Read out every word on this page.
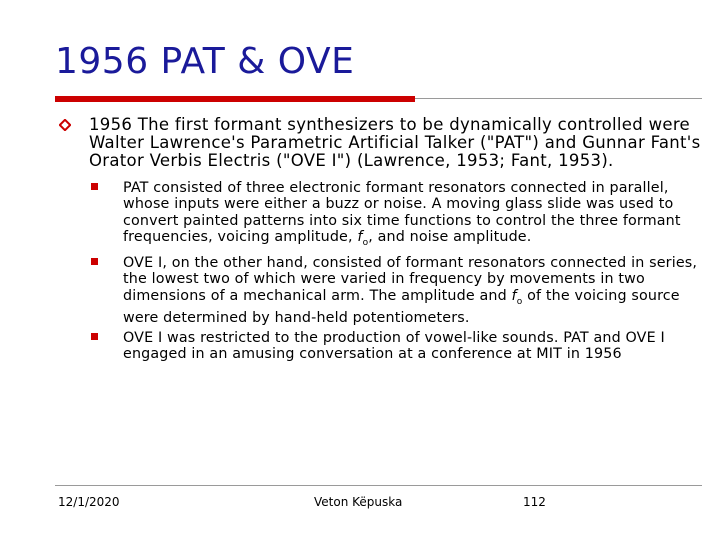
1956 PAT & OVE
1956 The first formant synthesizers to be dynamically controlled were Walter Lawrence's Parametric Artificial Talker ("PAT") and Gunnar Fant's Orator Verbis Electris ("OVE I") (Lawrence, 1953; Fant, 1953).
PAT consisted of three electronic formant resonators connected in parallel, whose inputs were either a buzz or noise. A moving glass slide was used to convert painted patterns into six time functions to control the three formant frequencies, voicing amplitude, $f_o$, and noise amplitude.
OVE I, on the other hand, consisted of formant resonators connected in series, the lowest two of which were varied in frequency by movements in two dimensions of a mechanical arm. The amplitude and $f_o$ of the voicing source were determined by hand-held potentiometers.
OVE I was restricted to the production of vowel-like sounds. PAT and OVE I engaged in an amusing conversation at a conference at MIT in 1956
12/1/2020	Veton Këpuska	112
